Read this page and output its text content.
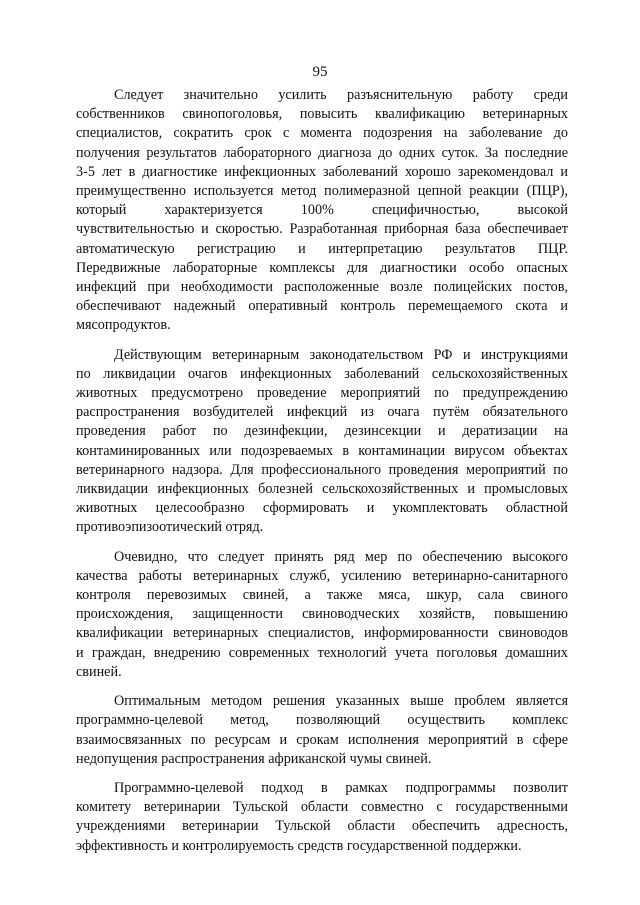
95

Следует значительно усилить разъяснительную работу среди
собственников свинопоголовья, повысить квалификацию ветеринарных
специалистов, сократить срок с момента подозрения на заболевание до
получения результатов лабораторного диагноза до одних суток. За последние
3-5 лет в диагностике инфекционных заболеваний хорошо зарекомендовал и
преимущественно используется метод полимеразной цепной реакции (ПЦР),
который характеризуется 100% специфичностью, высокой
чувствительностью и скоростью. Разработанная приборная база обеспечивает
автоматическую регистрацию и интерпретацию результатов ПЦР.
Передвижные лабораторные комплексы для диагностики особо опасных
инфекций при необходимости расположенные возле полицейских постов,
обеспечивают надежный оперативный контроль перемещаемого скота и
мясопродуктов.

Действующим ветеринарным законодательством РФ и инструкциями
по ликвидации очагов инфекционных заболеваний сельскохозяйственных
животных предусмотрено проведение мероприятий по предупреждению
распространения возбудителей инфекций из очага путём обязательного
проведения работ по дезинфекции, дезинсекции и дератизации на
контаминированных или подозреваемых в контаминации вирусом объектах
ветеринарного надзора. Для профессионального проведения мероприятий по
ликвидации инфекционных болезней сельскохозяйственных и промысловых
животных целесообразно сформировать и укомплектовать областной
противоэпизоотический отряд.

Очевидно, что следует принять ряд мер по обеспечению высокого
качества работы ветеринарных служб, усилению ветеринарно-санитарного
контроля перевозимых свиней, а также мяса, шкур, сала свиного
происхождения, защищенности свиноводческих хозяйств, повышению
квалификации ветеринарных специалистов, информированности свиноводов
и граждан, внедрению современных технологий учета поголовья домашних
свиней.

Оптимальным методом решения указанных выше проблем является
программно-целевой метод, позволяющий осуществить комплекс
взаимосвязанных по ресурсам и срокам исполнения мероприятий в сфере
недопущения распространения африканской чумы свиней.

Программно-целевой подход в рамках подпрограммы позволит
комитету ветеринарии Тульской области совместно с государственными
учреждениями ветеринарии Тульской области обеспечить адресность,
эффективность и контролируемость средств государственной поддержки.
